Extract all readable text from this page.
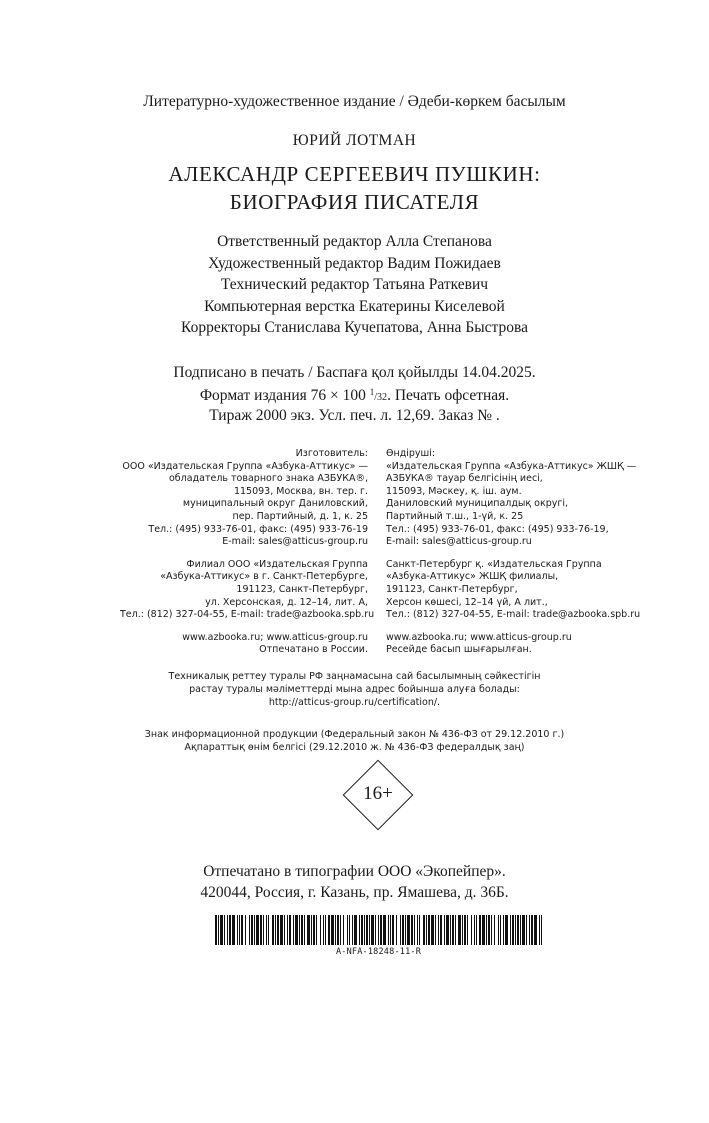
Литературно-художественное издание / Әдеби-көркем басылым
ЮРИЙ ЛОТМАН
АЛЕКСАНДР СЕРГЕЕВИЧ ПУШКИН:
БИОГРАФИЯ ПИСАТЕЛЯ
Ответственный редактор Алла Степанова
Художественный редактор Вадим Пожидаев
Технический редактор Татьяна Раткевич
Компьютерная верстка Екатерины Киселевой
Корректоры Станислава Кучепатова, Анна Быстрова
Подписано в печать / Баспаға қол қойылды 14.04.2025.
Формат издания 76 × 100 $^1$/32. Печать офсетная.
Тираж 2000 экз. Усл. печ. л. 12,69. Заказ № .

Изготовитель:
ООО «Издательская Группа «Азбука-Аттикус» —
обладатель товарного знака АЗБУКА®,
115093, Москва, вн. тер. г.
муниципальный округ Даниловский,
пер. Партийный, д. 1, к. 25
Тел.: (495) 933-76-01, факс: (495) 933-76-19
E-mail: sales@atticus-group.ru

Филиал ООО «Издательская Группа
«Азбука-Аттикус» в г. Санкт-Петербурге,
191123, Санкт-Петербург,
ул. Херсонская, д. 12–14, лит. А,
Тел.: (812) 327-04-55, E-mail: trade@azbooka.spb.ru

www.azbooka.ru; www.atticus-group.ru
Отпечатано в России.

Өндіруші:
«Издательская Группа «Азбука-Аттикус» ЖШҚ —
АЗБУКА® тауар белгісінің иесі,
115093, Мәскеу, қ. іш. аум.
Даниловский муниципалдық округі,
Партийный т.ш., 1-үй, к. 25
Тел.: (495) 933-76-01, факс: (495) 933-76-19,
E-mail: sales@atticus-group.ru

Санкт-Петербург қ. «Издательская Группа
«Азбука-Аттикус» ЖШҚ филиалы,
191123, Санкт-Петербург,
Херсон көшесі, 12–14 үй, А лит.,
Тел.: (812) 327-04-55, E-mail: trade@azbooka.spb.ru

www.azbooka.ru; www.atticus-group.ru
Ресейде басып шығарылған.

Техникалық реттеу туралы РФ заңнамасына сай басылымның сәйкестігін
растау туралы мәліметтерді мына адрес бойынша алуға болады:
http://atticus-group.ru/certification/.
Знак информационной продукции (Федеральный закон № 436-ФЗ от 29.12.2010 г.)
Ақпараттық өнім белгісі (29.12.2010 ж. № 436-ФЗ федералдық заң)
16+
Отпечатано в типографии ООО «Экопейпер».
420044, Россия, г. Казань, пр. Ямашева, д. 36Б.
A-NFA-18248-11-R
